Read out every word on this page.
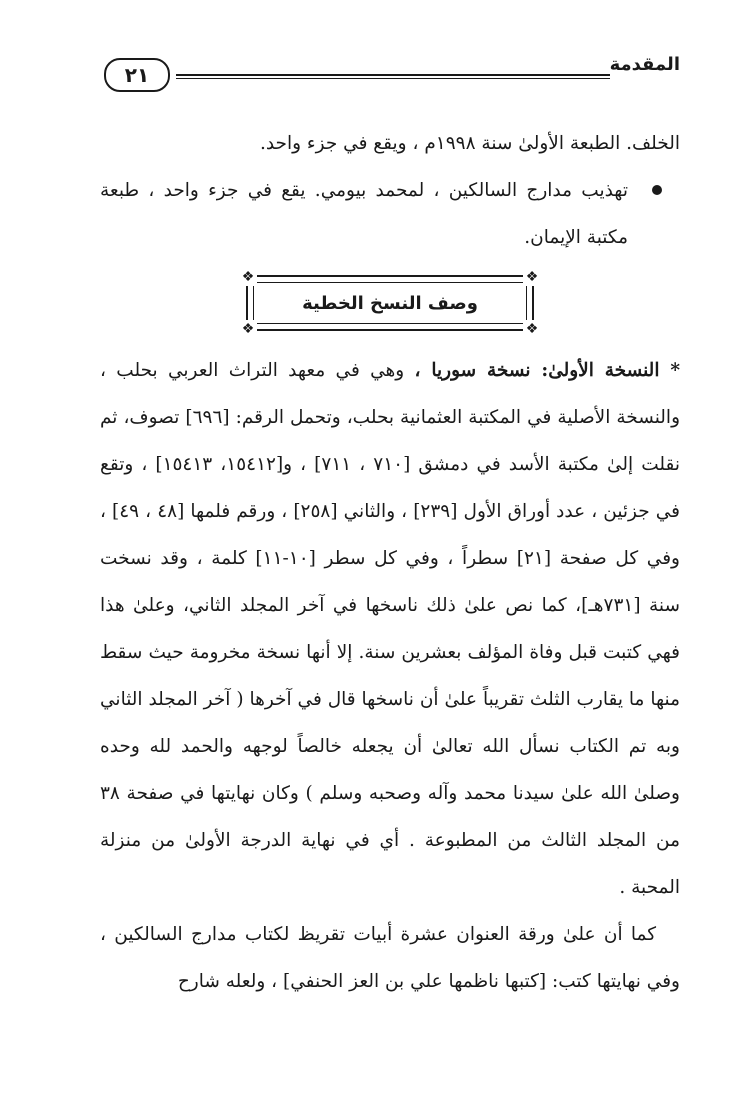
٢١	المقدمة

الخلف. الطبعة الأولىٰ سنة ١٩٩٨م ، ويقع في جزء واحد.

تهذيب مدارج السالكين ، لمحمد بيومي. يقع في جزء واحد ، طبعة مكتبة الإيمان.
❖	❖
❖	❖
وصف النسخ الخطية

* النسخة الأولىٰ: نسخة سوريا ، وهي في معهد التراث العربي بحلب ، والنسخة الأصلية في المكتبة العثمانية بحلب، وتحمل الرقم: [٦٩٦] تصوف، ثم نقلت إلىٰ مكتبة الأسد في دمشق [٧١٠ ، ٧١١] ، و[١٥٤١٢، ١٥٤١٣] ، وتقع في جزئين ، عدد أوراق الأول [٢٣٩] ، والثاني [٢٥٨] ، ورقم فلمها [٤٨ ، ٤٩] ، وفي كل صفحة [٢١] سطراً ، وفي كل سطر [١٠-١١] كلمة ، وقد نسخت سنة [٧٣١هـ]، كما نص علىٰ ذلك ناسخها في آخر المجلد الثاني، وعلىٰ هذا فهي كتبت قبل وفاة المؤلف بعشرين سنة. إلا أنها نسخة مخرومة حيث سقط منها ما يقارب الثلث تقريباً علىٰ أن ناسخها قال في آخرها ( آخر المجلد الثاني وبه تم الكتاب نسأل الله تعالىٰ أن يجعله خالصاً لوجهه والحمد لله وحده وصلىٰ الله علىٰ سيدنا محمد وآله وصحبه وسلم ) وكان نهايتها في صفحة ٣٨ من المجلد الثالث من المطبوعة . أي في نهاية الدرجة الأولىٰ من منزلة المحبة .

كما أن علىٰ ورقة العنوان عشرة أبيات تقريظ لكتاب مدارج السالكين ، وفي نهايتها كتب: [كتبها ناظمها علي بن العز الحنفي] ، ولعله شارح
